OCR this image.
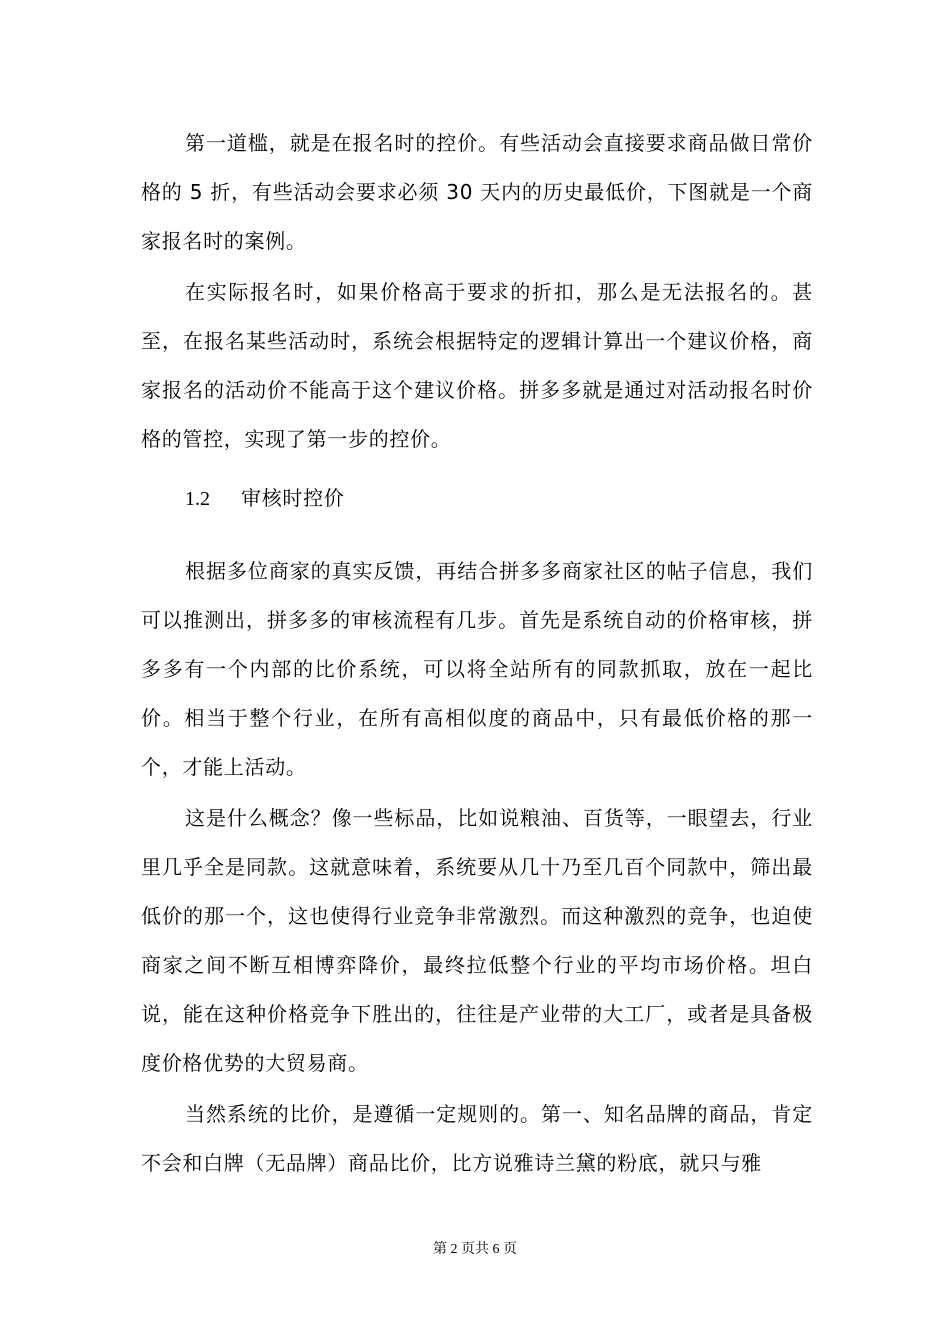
第一道槛，就是在报名时的控价。有些活动会直接要求商品做日常价格的 5 折，有些活动会要求必须 30 天内的历史最低价，下图就是一个商家报名时的案例。

在实际报名时，如果价格高于要求的折扣，那么是无法报名的。甚至，在报名某些活动时，系统会根据特定的逻辑计算出一个建议价格，商家报名的活动价不能高于这个建议价格。拼多多就是通过对活动报名时价格的管控，实现了第一步的控价。

1.2	审核时控价

根据多位商家的真实反馈，再结合拼多多商家社区的帖子信息，我们可以推测出，拼多多的审核流程有几步。首先是系统自动的价格审核，拼多多有一个内部的比价系统，可以将全站所有的同款抓取，放在一起比价。相当于整个行业，在所有高相似度的商品中，只有最低价格的那一个，才能上活动。

这是什么概念？像一些标品，比如说粮油、百货等，一眼望去，行业里几乎全是同款。这就意味着，系统要从几十乃至几百个同款中，筛出最低价的那一个，这也使得行业竞争非常激烈。而这种激烈的竞争，也迫使商家之间不断互相博弈降价，最终拉低整个行业的平均市场价格。坦白说，能在这种价格竞争下胜出的，往往是产业带的大工厂，或者是具备极度价格优势的大贸易商。

当然系统的比价，是遵循一定规则的。第一、知名品牌的商品，肯定不会和白牌（无品牌）商品比价，比方说雅诗兰黛的粉底，就只与雅

第 2 页共 6 页
